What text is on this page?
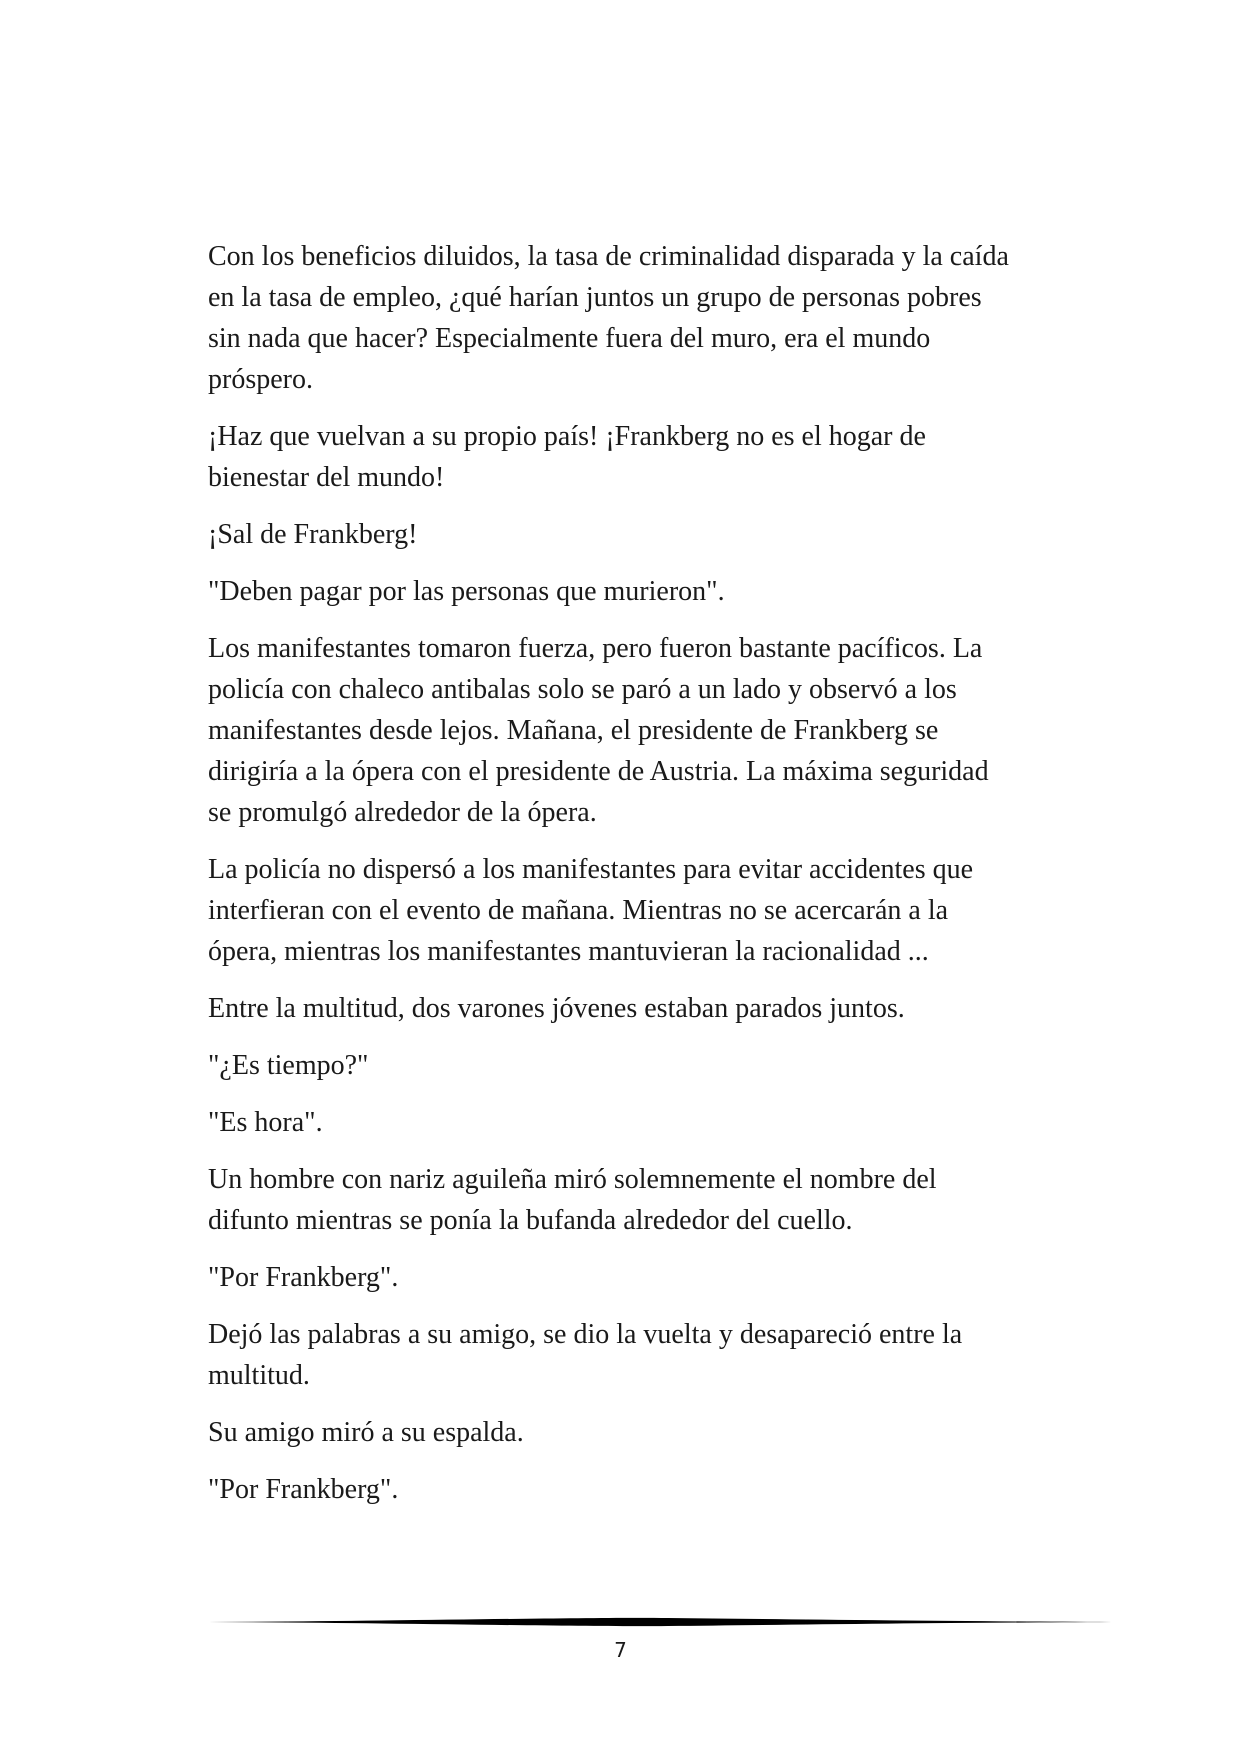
Con los beneficios diluidos, la tasa de criminalidad disparada y la caída
en la tasa de empleo, ¿qué harían juntos un grupo de personas pobres
sin nada que hacer? Especialmente fuera del muro, era el mundo
próspero.

¡Haz que vuelvan a su propio país! ¡Frankberg no es el hogar de
bienestar del mundo!

¡Sal de Frankberg!

"Deben pagar por las personas que murieron".

Los manifestantes tomaron fuerza, pero fueron bastante pacíficos. La
policía con chaleco antibalas solo se paró a un lado y observó a los
manifestantes desde lejos. Mañana, el presidente de Frankberg se
dirigiría a la ópera con el presidente de Austria. La máxima seguridad
se promulgó alrededor de la ópera.

La policía no dispersó a los manifestantes para evitar accidentes que
interfieran con el evento de mañana. Mientras no se acercarán a la
ópera, mientras los manifestantes mantuvieran la racionalidad ...

Entre la multitud, dos varones jóvenes estaban parados juntos.

"¿Es tiempo?"

"Es hora".

Un hombre con nariz aguileña miró solemnemente el nombre del
difunto mientras se ponía la bufanda alrededor del cuello.

"Por Frankberg".

Dejó las palabras a su amigo, se dio la vuelta y desapareció entre la
multitud.

Su amigo miró a su espalda.

"Por Frankberg".

7
